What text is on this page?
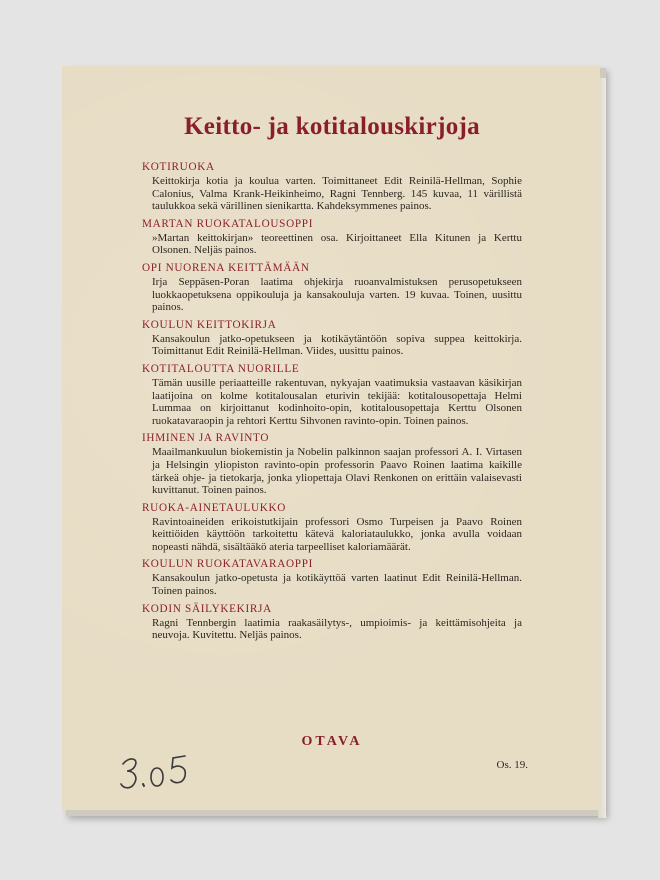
Keitto- ja kotitalouskirjoja
KOTIRUOKA
Keittokirja kotia ja koulua varten. Toimittaneet Edit Reinilä-Hellman, Sophie Calonius, Valma Krank-Heikinheimo, Ragni Tennberg. 145 kuvaa, 11 värillistä taulukkoa sekä värillinen sienikartta. Kahdeksymmenes painos.
MARTAN RUOKATALOUSOPPI
»Martan keittokirjan» teoreettinen osa. Kirjoittaneet Ella Kitunen ja Kerttu Olsonen. Neljäs painos.
OPI NUORENA KEITTÄMÄÄN
Irja Seppäsen-Poran laatima ohjekirja ruoanvalmistuksen perusopetukseen luokkaopetuksena oppikouluja ja kansakouluja varten. 19 kuvaa. Toinen, uusittu painos.
KOULUN KEITTOKIRJA
Kansakoulun jatko-opetukseen ja kotikäytäntöön sopiva suppea keittokirja. Toimittanut Edit Reinilä-Hellman. Viides, uusittu painos.
KOTITALOUTTA NUORILLE
Tämän uusille periaatteille rakentuvan, nykyajan vaatimuksia vastaavan käsikirjan laatijoina on kolme kotitalousalan eturivin tekijää: kotitalousopettaja Helmi Lummaa on kirjoittanut kodinhoito-opin, kotitalousopettaja Kerttu Olsonen ruokatavaraopin ja rehtori Kerttu Sihvonen ravinto-opin. Toinen painos.
IHMINEN JA RAVINTO
Maailmankuulun biokemistin ja Nobelin palkinnon saajan professori A. I. Virtasen ja Helsingin yliopiston ravinto-opin professorin Paavo Roinen laatima kaikille tärkeä ohje- ja tietokarja, jonka yliopettaja Olavi Renkonen on erittäin valaisevasti kuvittanut. Toinen painos.
RUOKA-AINETAULUKKO
Ravintoaineiden erikoistutkijain professori Osmo Turpeisen ja Paavo Roinen keittiöiden käyttöön tarkoitettu kätevä kaloriataulukko, jonka avulla voidaan nopeasti nähdä, sisältääkö ateria tarpeelliset kaloriamäärät.
KOULUN RUOKATAVARAOPPI
Kansakoulun jatko-opetusta ja kotikäyttöä varten laatinut Edit Reinilä-Hellman. Toinen painos.
KODIN SÄILYKEKIRJA
Ragni Tennbergin laatimia raakasäilytys-, umpioimis- ja keittämisohjeita ja neuvoja. Kuvitettu. Neljäs painos.
OTAVA
Os. 19.
